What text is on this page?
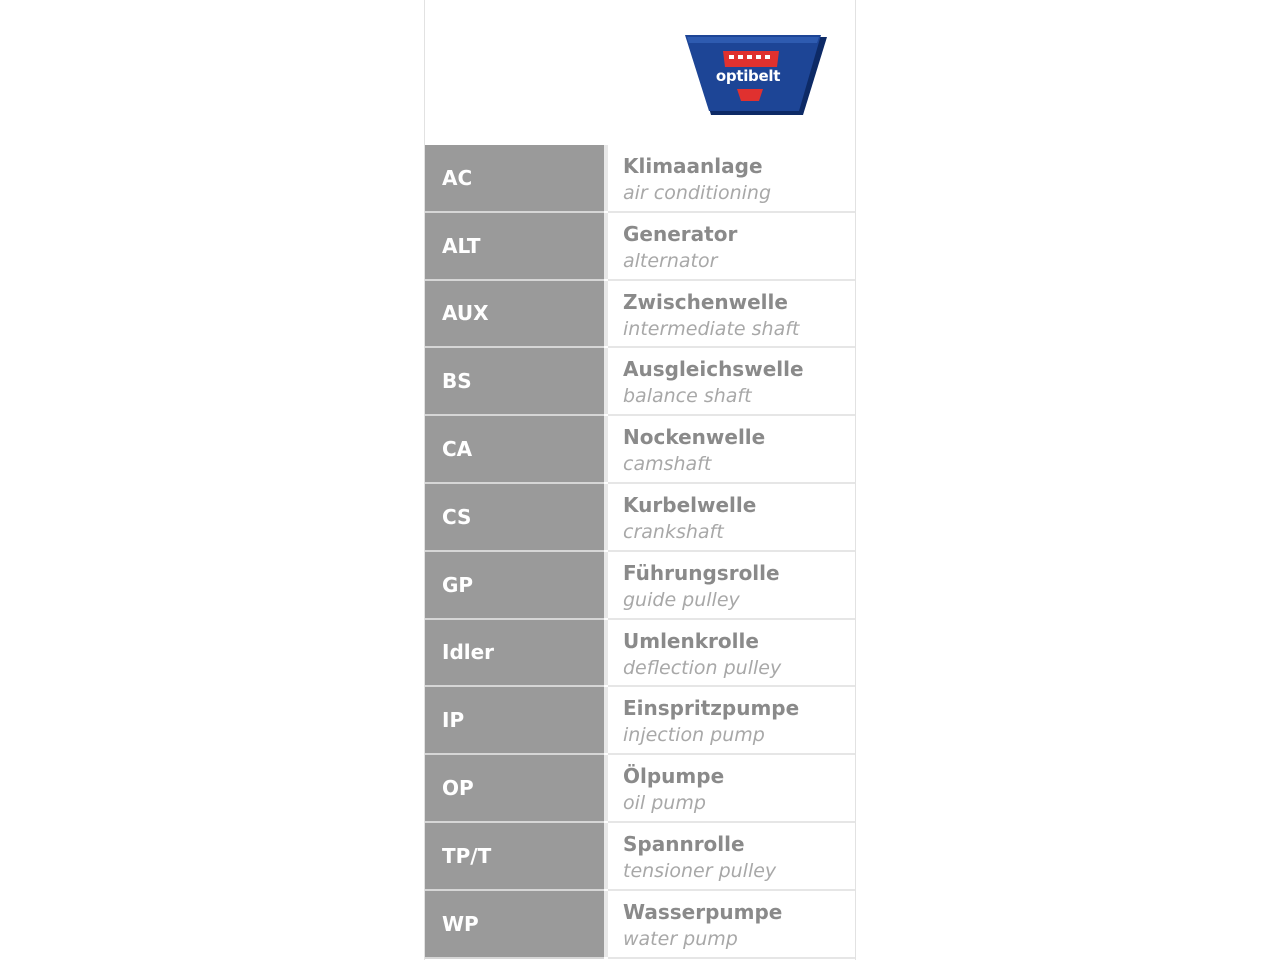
optibelt
AC	Klimaanlage
air conditioning
ALT	Generator
alternator
AUX	Zwischenwelle
intermediate shaft
BS	Ausgleichswelle
balance shaft
CA	Nockenwelle
camshaft
CS	Kurbelwelle
crankshaft
GP	Führungsrolle
guide pulley
Idler	Umlenkrolle
deflection pulley
IP	Einspritzpumpe
injection pump
OP	Ölpumpe
oil pump
TP/T	Spannrolle
tensioner pulley
WP	Wasserpumpe
water pump
